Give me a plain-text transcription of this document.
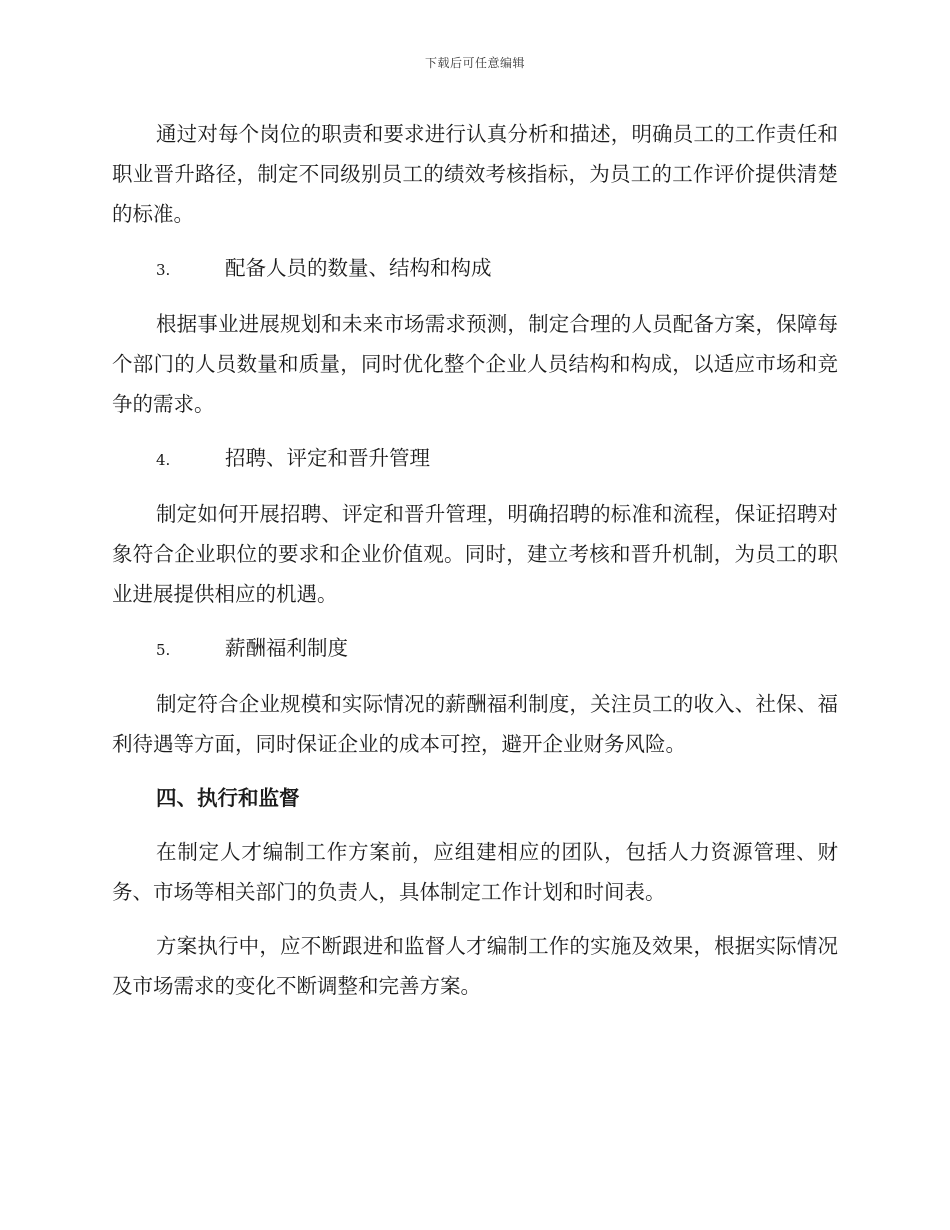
下载后可任意编辑

通过对每个岗位的职责和要求进行认真分析和描述，明确员工的工作责任和职业晋升路径，制定不同级别员工的绩效考核指标，为员工的工作评价提供清楚的标准。

3.	配备人员的数量、结构和构成

根据事业进展规划和未来市场需求预测，制定合理的人员配备方案，保障每个部门的人员数量和质量，同时优化整个企业人员结构和构成，以适应市场和竞争的需求。

4.	招聘、评定和晋升管理

制定如何开展招聘、评定和晋升管理，明确招聘的标准和流程，保证招聘对象符合企业职位的要求和企业价值观。同时，建立考核和晋升机制，为员工的职业进展提供相应的机遇。

5.	薪酬福利制度

制定符合企业规模和实际情况的薪酬福利制度，关注员工的收入、社保、福利待遇等方面，同时保证企业的成本可控，避开企业财务风险。

四、执行和监督

在制定人才编制工作方案前，应组建相应的团队，包括人力资源管理、财务、市场等相关部门的负责人，具体制定工作计划和时间表。

方案执行中，应不断跟进和监督人才编制工作的实施及效果，根据实际情况及市场需求的变化不断调整和完善方案。
